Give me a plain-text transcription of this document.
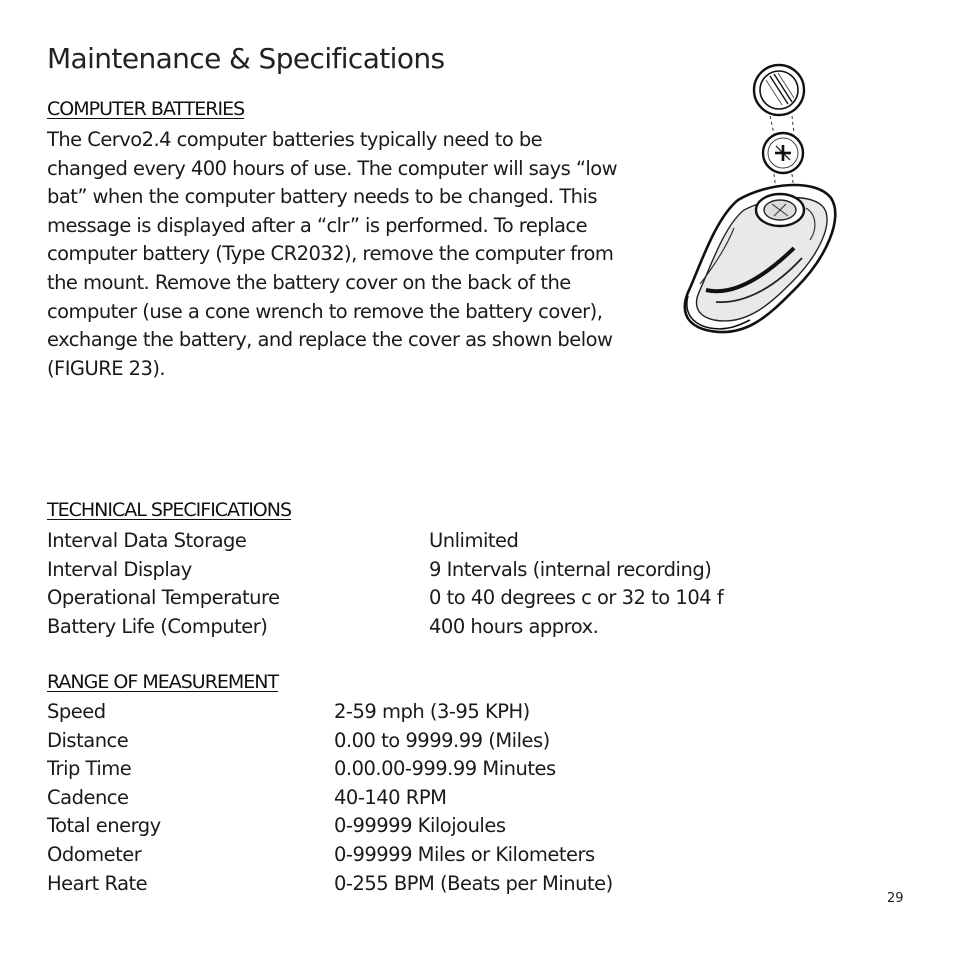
Maintenance & Specifications
COMPUTER BATTERIES

The Cervo2.4 computer batteries typically need to be
changed every 400 hours of use. The computer will says “low
bat” when the computer battery needs to be changed. This
message is displayed after a “clr” is performed. To replace
computer battery (Type CR2032), remove the computer from
the mount. Remove the battery cover on the back of the
computer (use a cone wrench to remove the battery cover),
exchange the battery, and replace the cover as shown below
(FIGURE 23).

TECHNICAL SPECIFICATIONS
Interval Data Storage	Unlimited
Interval Display	9 Intervals (internal recording)
Operational Temperature	0 to 40 degrees c or 32 to 104 f
Battery Life (Computer)	400 hours approx.
RANGE OF MEASUREMENT
Speed	2-59 mph (3-95 KPH)
Distance	0.00 to 9999.99 (Miles)
Trip Time	0.00.00-999.99 Minutes
Cadence	40-140 RPM
Total energy	0-99999 Kilojoules
Odometer	0-99999 Miles or Kilometers
Heart Rate	0-255 BPM (Beats per Minute)
29
